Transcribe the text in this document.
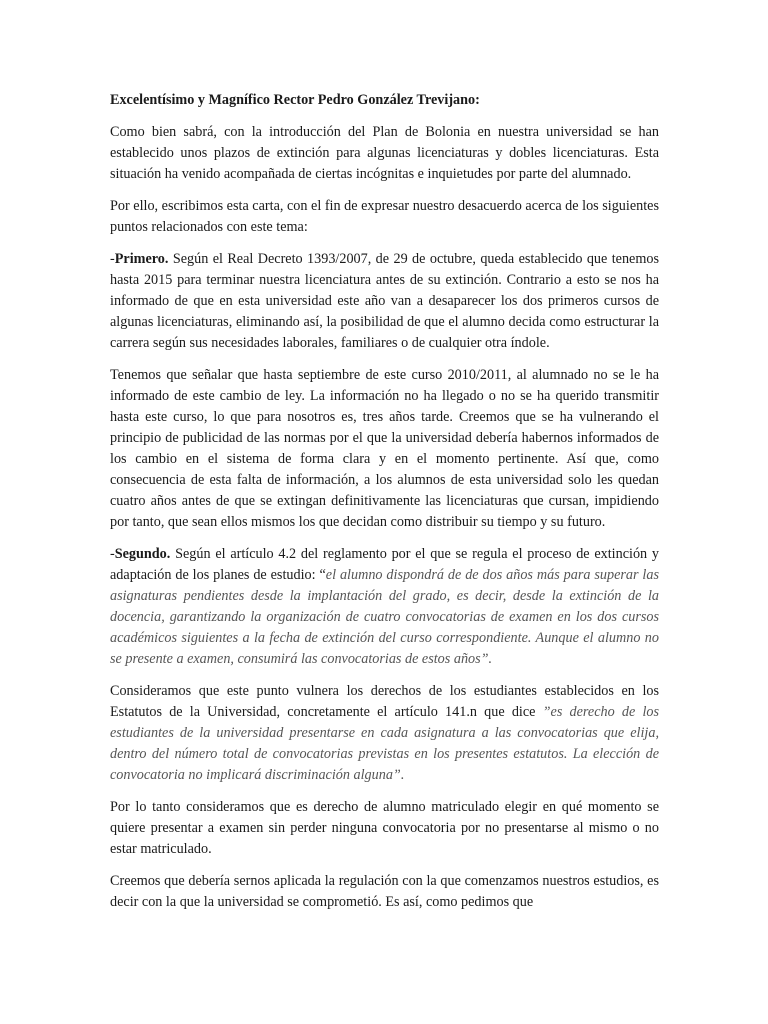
Excelentísimo y Magnífico Rector Pedro González Trevijano:

Como bien sabrá, con la introducción del Plan de Bolonia en nuestra universidad se han establecido unos plazos de extinción para algunas licenciaturas y dobles licenciaturas. Esta situación ha venido acompañada de ciertas incógnitas e inquietudes por parte del alumnado.

Por ello, escribimos esta carta, con el fin de expresar nuestro desacuerdo acerca de los siguientes puntos relacionados con este tema:

-Primero. Según el Real Decreto 1393/2007, de 29 de octubre, queda establecido que tenemos hasta 2015 para terminar nuestra licenciatura antes de su extinción. Contrario a esto se nos ha informado de que en esta universidad este año van a desaparecer los dos primeros cursos de algunas licenciaturas, eliminando así, la posibilidad de que el alumno decida como estructurar la carrera según sus necesidades laborales, familiares o de cualquier otra índole.

Tenemos que señalar que hasta septiembre de este curso 2010/2011, al alumnado no se le ha informado de este cambio de ley. La información no ha llegado o no se ha querido transmitir hasta este curso, lo que para nosotros es, tres años tarde. Creemos que se ha vulnerando el principio de publicidad de las normas por el que la universidad debería habernos informados de los cambio en el sistema de forma clara y en el momento pertinente. Así que, como consecuencia de esta falta de información, a los alumnos de esta universidad solo les quedan cuatro años antes de que se extingan definitivamente las licenciaturas que cursan, impidiendo por tanto, que sean ellos mismos los que decidan como distribuir su tiempo y su futuro.

-Segundo. Según el artículo 4.2 del reglamento por el que se regula el proceso de extinción y adaptación de los planes de estudio: “el alumno dispondrá de de dos años más para superar las asignaturas pendientes desde la implantación del grado, es decir, desde la extinción de la docencia, garantizando la organización de cuatro convocatorias de examen en los dos cursos académicos siguientes a la fecha de extinción del curso correspondiente. Aunque el alumno no se presente a examen, consumirá las convocatorias de estos años”.

Consideramos que este punto vulnera los derechos de los estudiantes establecidos en los Estatutos de la Universidad, concretamente el artículo 141.n que dice ”es derecho de los estudiantes de la universidad presentarse en cada asignatura a las convocatorias que elija, dentro del número total de convocatorias previstas en los presentes estatutos. La elección de convocatoria no implicará discriminación alguna”.

Por lo tanto consideramos que es derecho de alumno matriculado elegir en qué momento se quiere presentar a examen sin perder ninguna convocatoria por no presentarse al mismo o no estar matriculado.

Creemos que debería sernos aplicada la regulación con la que comenzamos nuestros estudios, es decir con la que la universidad se comprometió. Es así, como pedimos que
